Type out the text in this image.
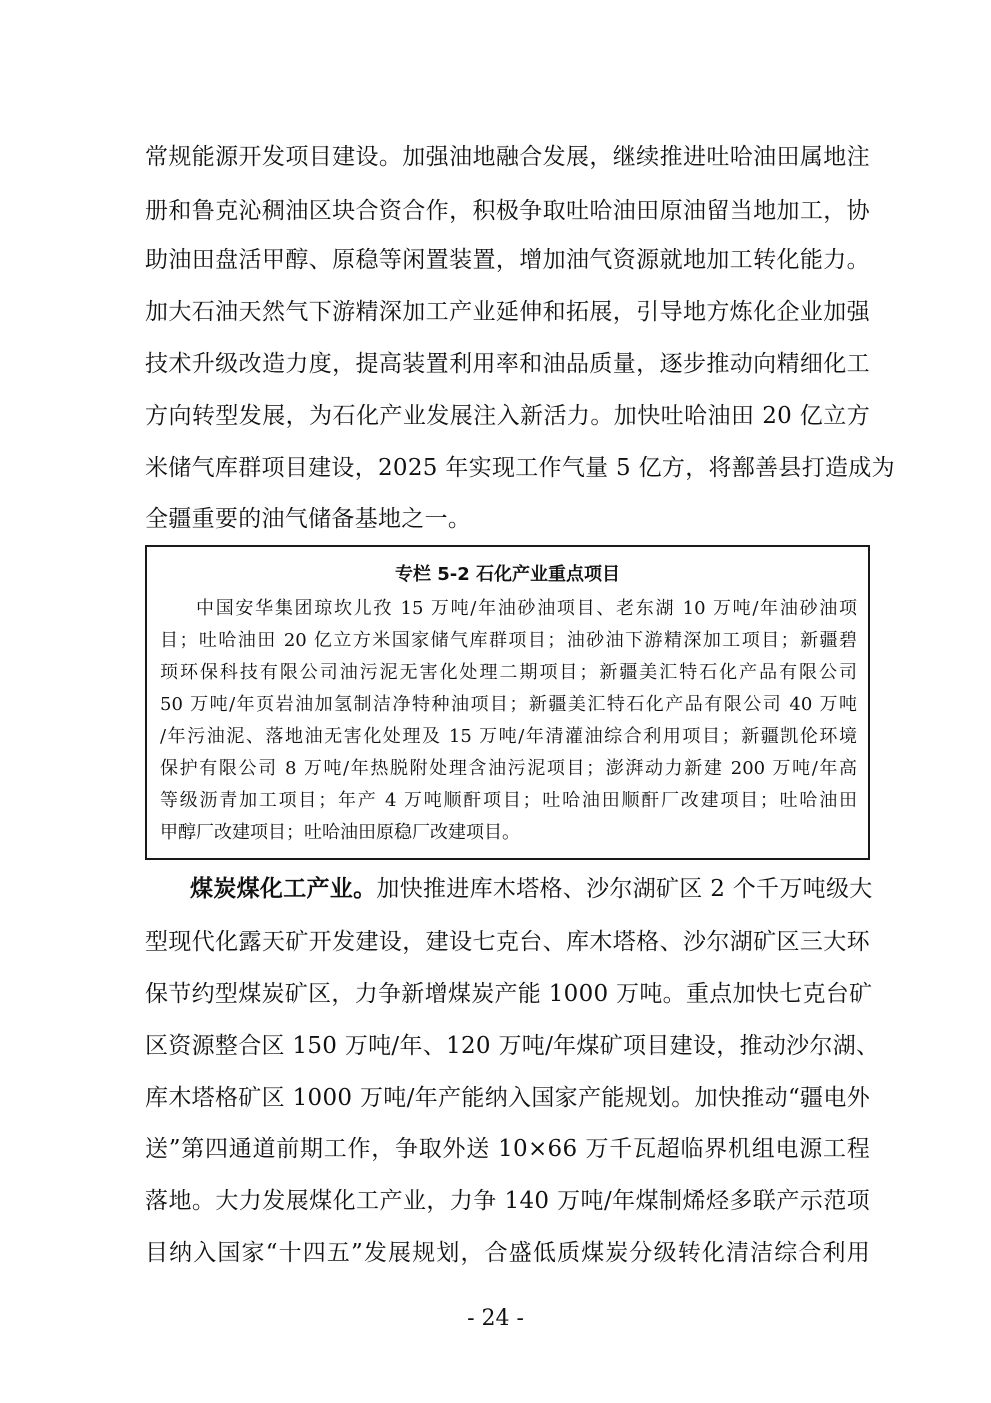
常规能源开发项目建设。加强油地融合发展，继续推进吐哈油田属地注
册和鲁克沁稠油区块合资合作，积极争取吐哈油田原油留当地加工，协
助油田盘活甲醇、原稳等闲置装置，增加油气资源就地加工转化能力。
加大石油天然气下游精深加工产业延伸和拓展，引导地方炼化企业加强
技术升级改造力度，提高装置利用率和油品质量，逐步推动向精细化工
方向转型发展，为石化产业发展注入新活力。加快吐哈油田 20 亿立方
米储气库群项目建设，2025 年实现工作气量 5 亿方，将鄯善县打造成为
全疆重要的油气储备基地之一。
专栏 5-2 石化产业重点项目
中国安华集团琼坎儿孜 15 万吨/年油砂油项目、老东湖 10 万吨/年油砂油项
目；吐哈油田 20 亿立方米国家储气库群项目；油砂油下游精深加工项目；新疆碧
顼环保科技有限公司油污泥无害化处理二期项目；新疆美汇特石化产品有限公司
50 万吨/年页岩油加氢制洁净特种油项目；新疆美汇特石化产品有限公司 40 万吨
/年污油泥、落地油无害化处理及 15 万吨/年清灌油综合利用项目；新疆凯伦环境
保护有限公司 8 万吨/年热脱附处理含油污泥项目；澎湃动力新建 200 万吨/年高
等级沥青加工项目；年产 4 万吨顺酐项目；吐哈油田顺酐厂改建项目；吐哈油田
甲醇厂改建项目；吐哈油田原稳厂改建项目。
煤炭煤化工产业。加快推进库木塔格、沙尔湖矿区 2 个千万吨级大
型现代化露天矿开发建设，建设七克台、库木塔格、沙尔湖矿区三大环
保节约型煤炭矿区，力争新增煤炭产能 1000 万吨。重点加快七克台矿
区资源整合区 150 万吨/年、120 万吨/年煤矿项目建设，推动沙尔湖、
库木塔格矿区 1000 万吨/年产能纳入国家产能规划。加快推动“疆电外
送”第四通道前期工作，争取外送 10×66 万千瓦超临界机组电源工程
落地。大力发展煤化工产业，力争 140 万吨/年煤制烯烃多联产示范项
目纳入国家“十四五”发展规划，合盛低质煤炭分级转化清洁综合利用
- 24 -
